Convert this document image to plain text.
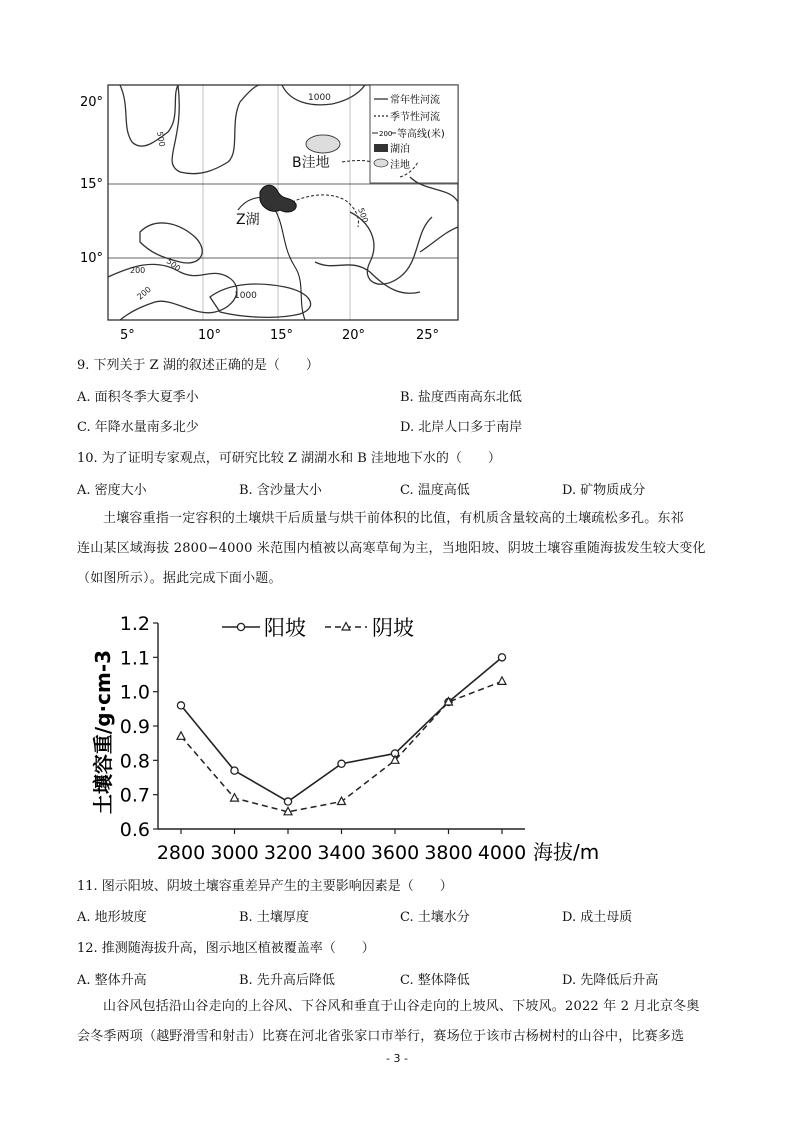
1000
500
500
200 500
200	1000
Z湖
B洼地
常年性河流
季节性河流
200 等高线(米)
湖泊
洼地
20°
15°
10°
5°	10°	15°	20°	25°
9. 下列关于 Z 湖的叙述正确的是（　　）
A. 面积冬季大夏季小	B. 盐度西南高东北低
C. 年降水量南多北少	D. 北岸人口多于南岸
10. 为了证明专家观点，可研究比较 Z 湖湖水和 B 洼地地下水的（　　）
A. 密度大小	B. 含沙量大小	C. 温度高低	D. 矿物质成分
土壤容重指一定容积的土壤烘干后质量与烘干前体积的比值，有机质含量较高的土壤疏松多孔。东祁
连山某区域海拔 2800−4000 米范围内植被以高寒草甸为主，当地阳坡、阴坡土壤容重随海拔发生较大变化
（如图所示）。据此完成下面小题。
0.6
0.7
0.8
0.9
1.0
1.1
1.2
2800 3000 3200 3400 3600 3800 4000 海拔/m
土壤容重/g·cm-3
阳坡	阴坡
11. 图示阳坡、阴坡土壤容重差异产生的主要影响因素是（　　）
A. 地形坡度	B. 土壤厚度	C. 土壤水分	D. 成土母质
12. 推测随海拔升高，图示地区植被覆盖率（　　）
A. 整体升高	B. 先升高后降低	C. 整体降低	D. 先降低后升高
山谷风包括沿山谷走向的上谷风、下谷风和垂直于山谷走向的上坡风、下坡风。2022 年 2 月北京冬奥
会冬季两项（越野滑雪和射击）比赛在河北省张家口市举行，赛场位于该市古杨树村的山谷中，比赛多选
- 3 -
